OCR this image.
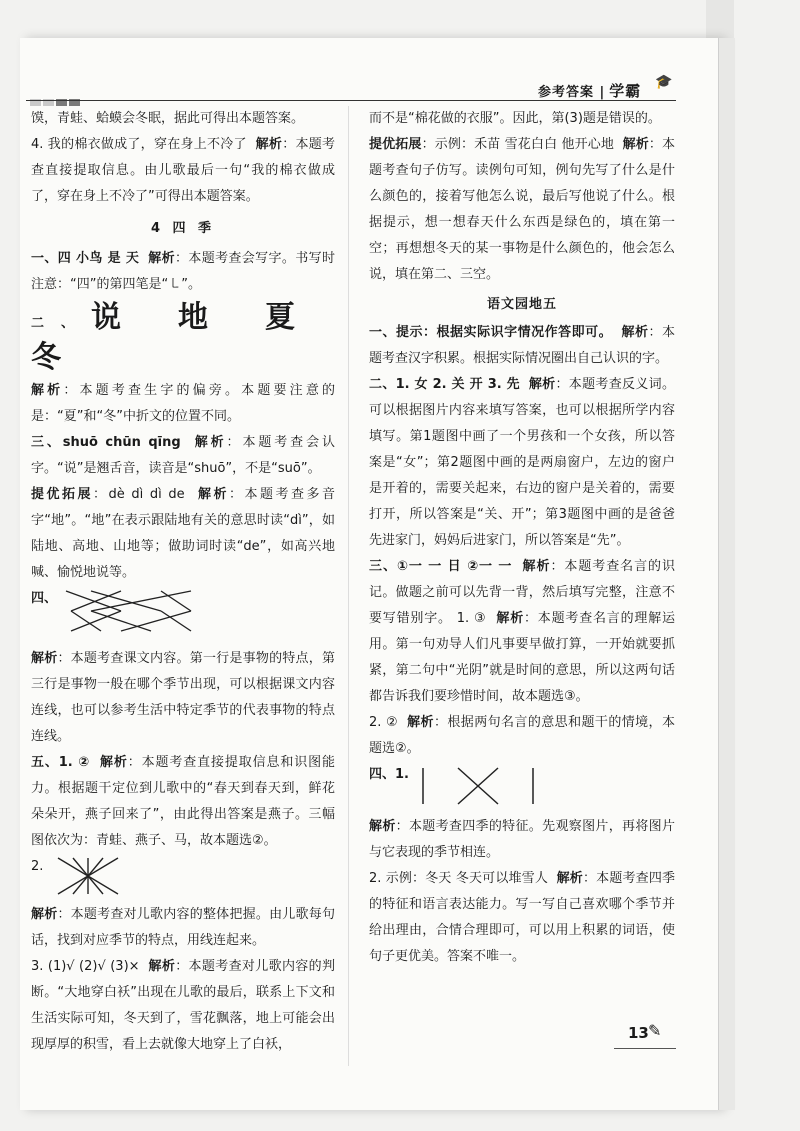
参考答案 | 学霸 🎓

馍，青蛙、蛤蟆会冬眠，据此可得出本题答案。

4. 我的棉衣做成了，穿在身上不冷了 解析：本题考查直接提取信息。由儿歌最后一句“我的棉衣做成了，穿在身上不冷了”可得出本题答案。

4 四 季

一、四 小鸟 是 天 解析：本题考查会写字。书写时注意：“四”的第四笔是“㇄”。

二、说地夏冬

解析：本题考查生字的偏旁。本题要注意的是：“夏”和“冬”中折文的位置不同。

三、shuō chūn qīng 解析：本题考查会认字。“说”是翘舌音，读音是“shuō”，不是“suō”。

提优拓展：dè dì dì de 解析：本题考查多音字“地”。“地”在表示跟陆地有关的意思时读“dì”，如陆地、高地、山地等；做助词时读“de”，如高兴地喊、愉悦地说等。

四、

解析：本题考查课文内容。第一行是事物的特点，第三行是事物一般在哪个季节出现，可以根据课文内容连线，也可以参考生活中特定季节的代表事物的特点连线。

五、1. ② 解析：本题考查直接提取信息和识图能力。根据题干定位到儿歌中的“春天到春天到，鲜花朵朵开，燕子回来了”，由此得出答案是燕子。三幅图依次为：青蛙、燕子、马，故本题选②。

2.

解析：本题考查对儿歌内容的整体把握。由儿歌每句话，找到对应季节的特点，用线连起来。

3. (1)√ (2)√ (3)× 解析：本题考查对儿歌内容的判断。“大地穿白袄”出现在儿歌的最后，联系上下文和生活实际可知，冬天到了，雪花飘落，地上可能会出现厚厚的积雪，看上去就像大地穿上了白袄，

而不是“棉花做的衣服”。因此，第(3)题是错误的。

提优拓展：示例：禾苗 雪花白白 他开心地 解析：本题考查句子仿写。读例句可知，例句先写了什么是什么颜色的，接着写他怎么说，最后写他说了什么。根据提示，想一想春天什么东西是绿色的，填在第一空；再想想冬天的某一事物是什么颜色的，他会怎么说，填在第二、三空。

语文园地五

一、提示：根据实际识字情况作答即可。 解析：本题考查汉字积累。根据实际情况圈出自己认识的字。

二、1. 女 2. 关 开 3. 先 解析：本题考查反义词。可以根据图片内容来填写答案，也可以根据所学内容填写。第1题图中画了一个男孩和一个女孩，所以答案是“女”；第2题图中画的是两扇窗户，左边的窗户是开着的，需要关起来，右边的窗户是关着的，需要打开，所以答案是“关、开”；第3题图中画的是爸爸先进家门，妈妈后进家门，所以答案是“先”。

三、①一 一 日 ②一 一 解析：本题考查名言的识记。做题之前可以先背一背，然后填写完整，注意不要写错别字。 1. ③ 解析：本题考查名言的理解运用。第一句劝导人们凡事要早做打算，一开始就要抓紧，第二句中“光阴”就是时间的意思，所以这两句话都告诉我们要珍惜时间，故本题选③。

2. ② 解析：根据两句名言的意思和题干的情境，本题选②。

四、1.

解析：本题考查四季的特征。先观察图片，再将图片与它表现的季节相连。

2. 示例：冬天 冬天可以堆雪人 解析：本题考查四季的特征和语言表达能力。写一写自己喜欢哪个季节并给出理由，合情合理即可，可以用上积累的词语，使句子更优美。答案不唯一。

13 ✎
